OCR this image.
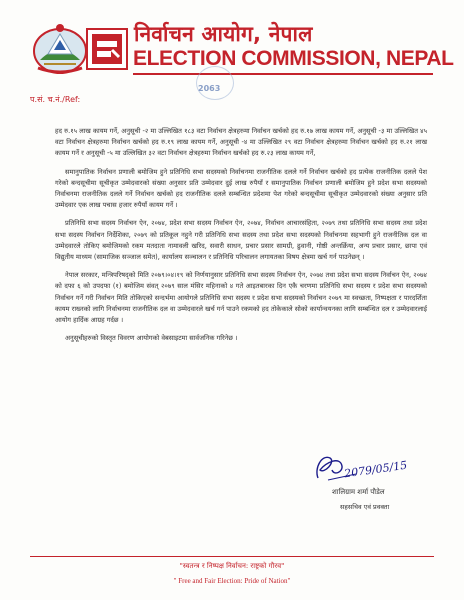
निर्वाचन आयोग, नेपाल
ELECTION COMMISSION, NEPAL
2063
प.सं. च.नं./Ref:

हद रु.१५ लाख कायम गर्ने, अनुसूची -२ मा उल्लिखित १८३ वटा निर्वाचन क्षेत्रहरुमा निर्वाचन खर्चको हद रु.१७ लाख कायम गर्ने, अनुसूची -३ मा उल्लिखित ४५ वटा निर्वाचन क्षेत्रहरुमा निर्वाचन खर्चको हद रु.१९ लाख कायम गर्ने, अनुसूची -४ मा उल्लिखित २९ वटा निर्वाचन क्षेत्रहरुमा निर्वाचन खर्चको हद रु.२१ लाख कायम गर्ने र अनुसूची -५ मा उल्लिखित ३२ वटा निर्वाचन क्षेत्रहरुमा निर्वाचन खर्चको हद रु.२३ लाख कायम गर्ने,

समानुपातिक निर्वाचन प्रणाली बमोजिम हुने प्रतिनिधि सभा सदस्यको निर्वाचनमा राजनीतिक दलले गर्ने निर्वाचन खर्चको हद प्रत्येक राजनीतिक दलले पेश गरेको बन्दसूचीमा सूचीकृत उम्मेदवारको संख्या अनुसार प्रति उम्मेदवार दुई लाख रुपैयाँ र समानुपातिक निर्वाचन प्रणाली बमोजिम हुने प्रदेश सभा सदस्यको निर्वाचनमा राजनीतिक दलले गर्ने निर्वाचन खर्चको हद राजनीतिक दलले सम्बन्धित प्रदेशमा पेश गरेको बन्दसूचीमा सूचीकृत उम्मेदवारको संख्या अनुसार प्रति उम्मेदवार एक लाख पचास हजार रुपैयाँ कायम गर्ने ।

प्रतिनिधि सभा सदस्य निर्वाचन ऐन, २०७४, प्रदेश सभा सदस्य निर्वाचन ऐन, २०७४, निर्वाचन आचारसंहिता, २०७९ तथा प्रतिनिधि सभा सदस्य तथा प्रदेश सभा सदस्य निर्वाचन निर्देशिका, २०७९ को प्रतिकूल नहुने गरी प्रतिनिधि सभा सदस्य तथा प्रदेश सभा सदस्यको निर्वाचनमा सहभागी हुने राजनीतिक दल वा उम्मेदवारले तोकिए बमोजिमको रकम मतदाता नामावली खरिद, सवारी साधन, प्रचार प्रसार सामग्री, ढुवानी, गोष्ठी अन्तर्क्रिया, अन्य प्रचार प्रसार, छापा एवं विद्युतीय माध्यम (सामाजिक सञ्जाल समेत), कार्यालय सञ्चालन र प्रतिनिधि परिचालन लगायतका विषय क्षेत्रमा खर्च गर्न पाउनेछन् ।

नेपाल सरकार, मन्त्रिपरिषद्को मिति २०७९।०४।१९ को निर्णयानुसार प्रतिनिधि सभा सदस्य निर्वाचन ऐन, २०७४ तथा प्रदेश सभा सदस्य निर्वाचन ऐन, २०७४ को दफा ६ को उपदफा (१) बमोजिम संवत् २०७९ साल मंसिर महिनाको ४ गते आइतबारका दिन एकै चरणमा प्रतिनिधि सभा सदस्य र प्रदेश सभा सदस्यको निर्वाचन गर्ने गरी निर्वाचन मिति तोकिएको सन्दर्भमा आयोगले प्रतिनिधि सभा सदस्य र प्रदेश सभा सदस्यको निर्वाचन २०७९ मा स्वच्छता, निष्पक्षता र पारदर्शिता कायम राख्नको लागि निर्वाचनमा राजनीतिक दल वा उम्मेदवारले खर्च गर्न पाउने रकमको हद तोकेकाले सोको कार्यान्वयनका लागि सम्बन्धित दल र उम्मेदवारलाई आयोग हार्दिक आग्रह गर्दछ ।

अनुसूचीहरुको विस्तृत विवरण आयोगको वेबसाइटमा सार्वजनिक गरिनेछ ।

2079/05/15
शालिग्राम शर्मा पौडेल
सहसचिव एवं प्रवक्ता
"स्वतन्त्र र निष्पक्ष निर्वाचन: राष्ट्रको गौरव"
" Free and Fair Election: Pride of Nation"
